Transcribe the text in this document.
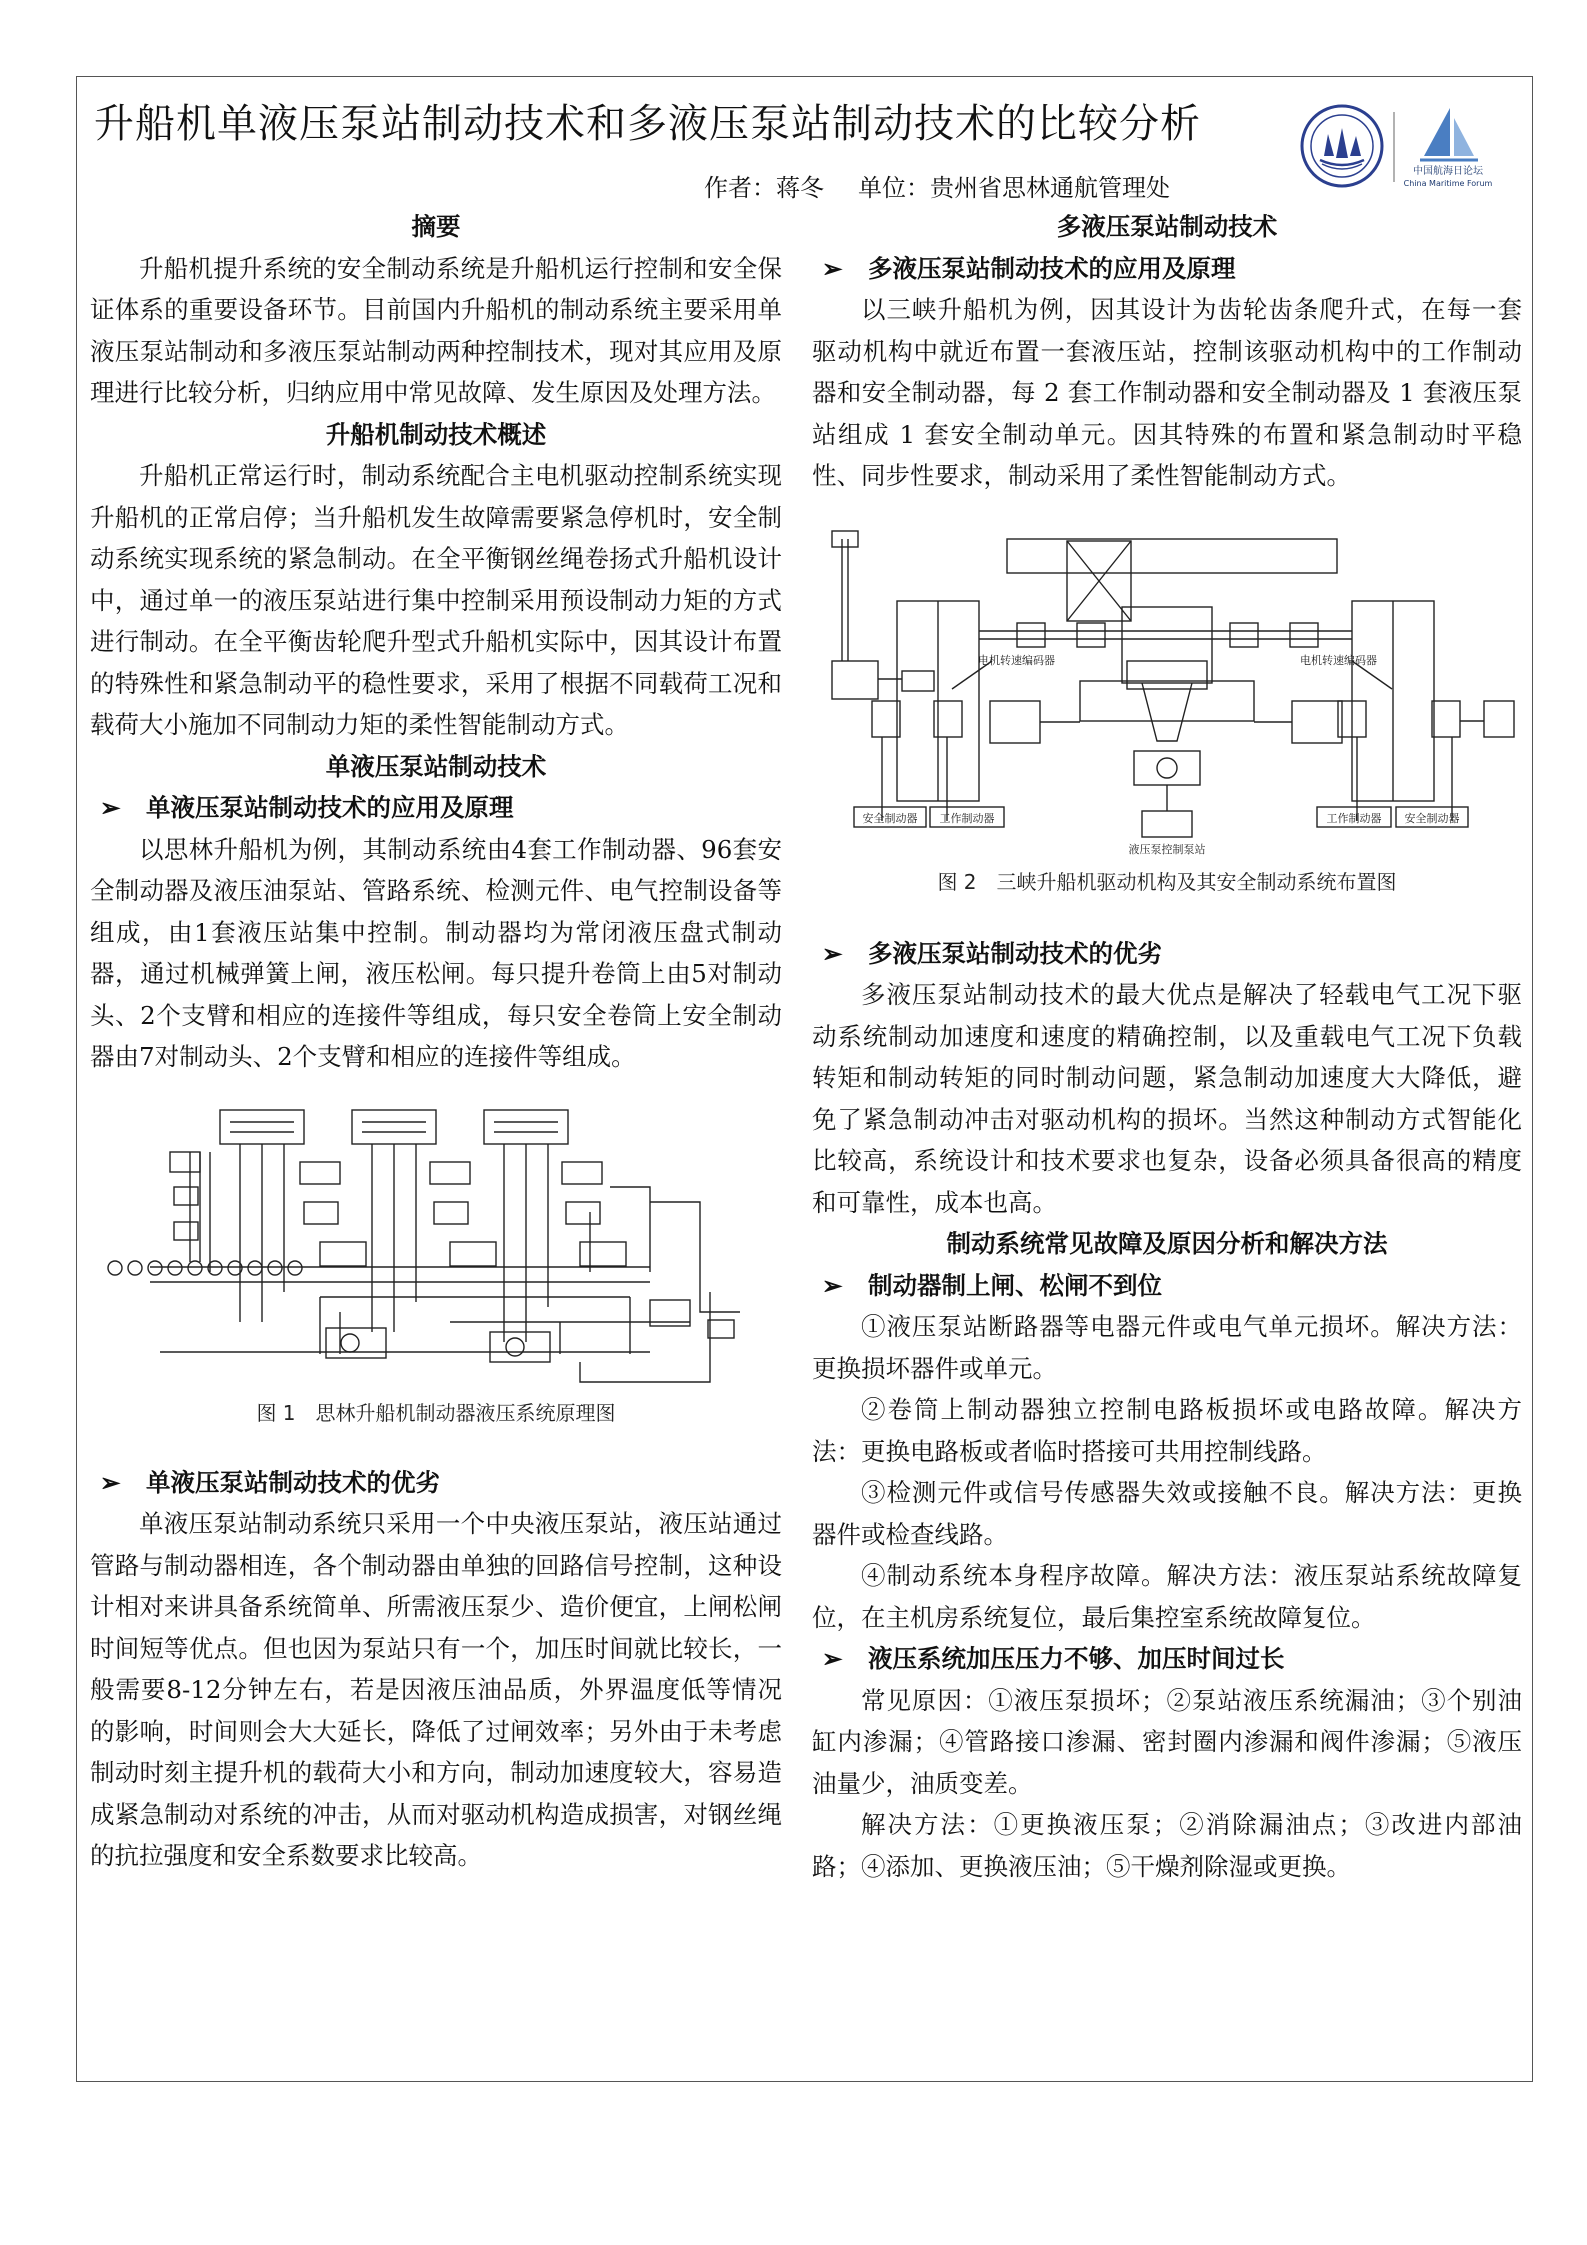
升船机单液压泵站制动技术和多液压泵站制动技术的比较分析
作者：蒋冬 单位：贵州省思林通航管理处
中国航海日论坛
China Maritime Forum
摘要

升船机提升系统的安全制动系统是升船机运行控制和安全保证体系的重要设备环节。目前国内升船机的制动系统主要采用单液压泵站制动和多液压泵站制动两种控制技术，现对其应用及原理进行比较分析，归纳应用中常见故障、发生原因及处理方法。

升船机制动技术概述

升船机正常运行时，制动系统配合主电机驱动控制系统实现升船机的正常启停；当升船机发生故障需要紧急停机时，安全制动系统实现系统的紧急制动。在全平衡钢丝绳卷扬式升船机设计中，通过单一的液压泵站进行集中控制采用预设制动力矩的方式进行制动。在全平衡齿轮爬升型式升船机实际中，因其设计布置的特殊性和紧急制动平的稳性要求，采用了根据不同载荷工况和载荷大小施加不同制动力矩的柔性智能制动方式。

单液压泵站制动技术
➢ 单液压泵站制动技术的应用及原理

以思林升船机为例，其制动系统由4套工作制动器、96套安全制动器及液压油泵站、管路系统、检测元件、电气控制设备等组成，由1套液压站集中控制。制动器均为常闭液压盘式制动器，通过机械弹簧上闸，液压松闸。每只提升卷筒上由5对制动头、2个支臂和相应的连接件等组成，每只安全卷筒上安全制动器由7对制动头、2个支臂和相应的连接件等组成。

图 1　思林升船机制动器液压系统原理图
➢ 单液压泵站制动技术的优劣

单液压泵站制动系统只采用一个中央液压泵站，液压站通过管路与制动器相连，各个制动器由单独的回路信号控制，这种设计相对来讲具备系统简单、所需液压泵少、造价便宜，上闸松闸时间短等优点。但也因为泵站只有一个，加压时间就比较长，一般需要8-12分钟左右，若是因液压油品质，外界温度低等情况的影响，时间则会大大延长，降低了过闸效率；另外由于未考虑制动时刻主提升机的载荷大小和方向，制动加速度较大，容易造成紧急制动对系统的冲击，从而对驱动机构造成损害，对钢丝绳的抗拉强度和安全系数要求比较高。

多液压泵站制动技术
➢ 多液压泵站制动技术的应用及原理

以三峡升船机为例，因其设计为齿轮齿条爬升式，在每一套驱动机构中就近布置一套液压站，控制该驱动机构中的工作制动器和安全制动器，每 2 套工作制动器和安全制动器及 1 套液压泵站组成 1 套安全制动单元。因其特殊的布置和紧急制动时平稳性、同步性要求，制动采用了柔性智能制动方式。

电机转速编码器	电机转速编码器
安全制动器 工作制动器
液压泵控制泵站
工作制动器 安全制动器
图 2　三峡升船机驱动机构及其安全制动系统布置图
➢ 多液压泵站制动技术的优劣

多液压泵站制动技术的最大优点是解决了轻载电气工况下驱动系统制动加速度和速度的精确控制，以及重载电气工况下负载转矩和制动转矩的同时制动问题，紧急制动加速度大大降低，避免了紧急制动冲击对驱动机构的损坏。当然这种制动方式智能化比较高，系统设计和技术要求也复杂，设备必须具备很高的精度和可靠性，成本也高。

制动系统常见故障及原因分析和解决方法
➢ 制动器制上闸、松闸不到位

①液压泵站断路器等电器元件或电气单元损坏。解决方法：更换损坏器件或单元。

②卷筒上制动器独立控制电路板损坏或电路故障。解决方法：更换电路板或者临时搭接可共用控制线路。

③检测元件或信号传感器失效或接触不良。解决方法：更换器件或检查线路。

④制动系统本身程序故障。解决方法：液压泵站系统故障复位，在主机房系统复位，最后集控室系统故障复位。

➢ 液压系统加压压力不够、加压时间过长

常见原因：①液压泵损坏；②泵站液压系统漏油；③个别油缸内渗漏；④管路接口渗漏、密封圈内渗漏和阀件渗漏；⑤液压油量少，油质变差。

解决方法：①更换液压泵；②消除漏油点；③改进内部油路；④添加、更换液压油；⑤干燥剂除湿或更换。
